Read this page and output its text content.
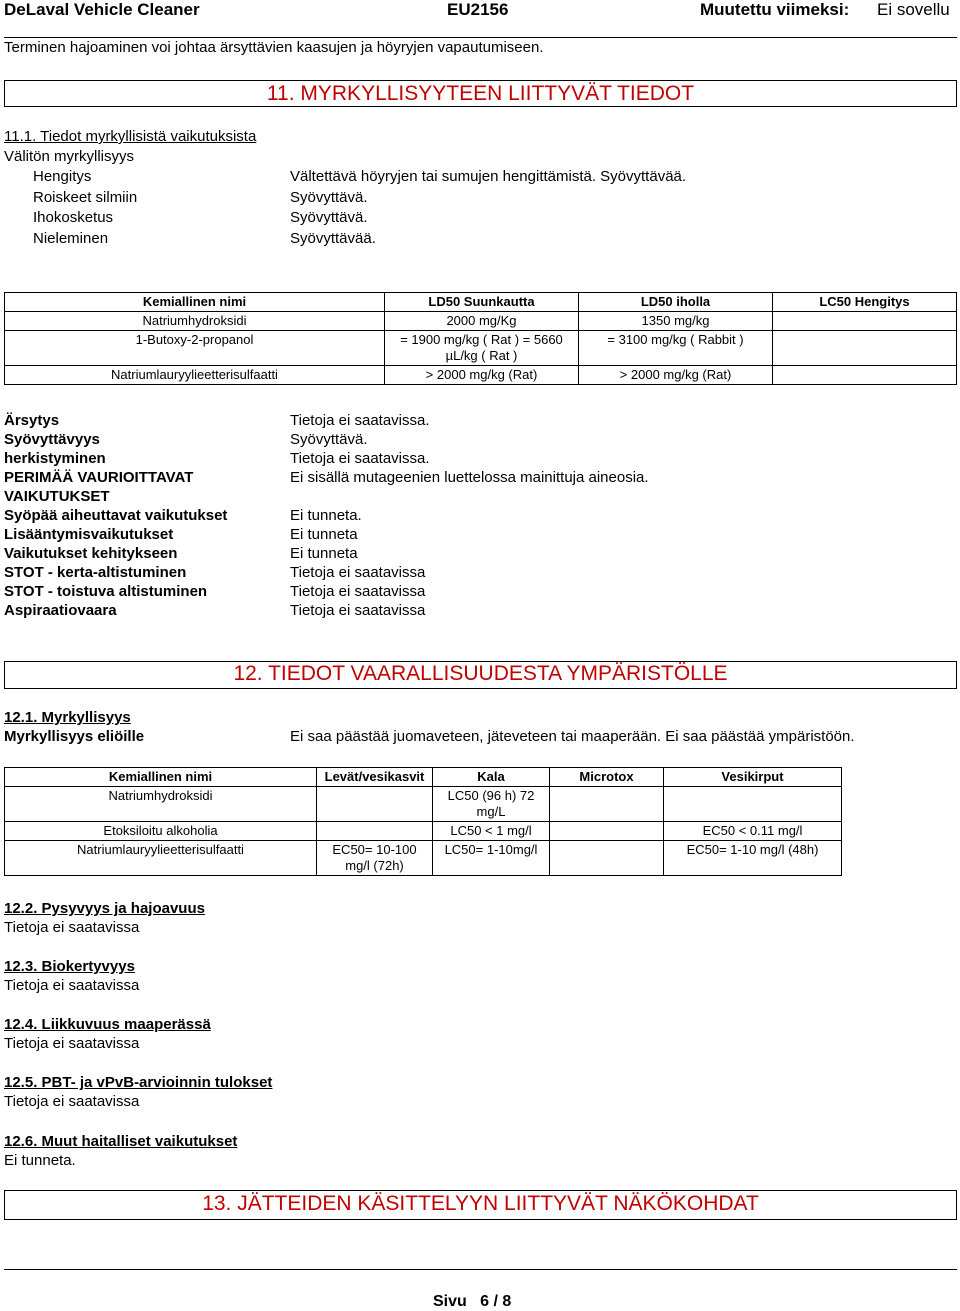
DeLaval Vehicle Cleaner	EU2156	Muutettu viimeksi: Ei sovellu
Terminen hajoaminen voi johtaa ärsyttävien kaasujen ja höyryjen vapautumiseen.
11. MYRKYLLISYYTEEN LIITTYVÄT TIEDOT
11.1. Tiedot myrkyllisistä vaikutuksista
Välitön myrkyllisyys
Hengitys	Vältettävä höyryjen tai sumujen hengittämistä. Syövyttävää.
Roiskeet silmiin	Syövyttävä.
Ihokosketus	Syövyttävä.
Nieleminen	Syövyttävää.
Kemiallinen nimi	LD50 Suunkautta	LD50 iholla	LC50 Hengitys
Natriumhydroksidi	2000 mg/Kg	1350 mg/kg	
1-Butoxy-2-propanol	= 1900 mg/kg ( Rat ) = 5660 µL/kg ( Rat )	= 3100 mg/kg ( Rabbit )	
Natriumlauryylieetterisulfaatti	> 2000 mg/kg (Rat)	> 2000 mg/kg (Rat)	
Ärsytys	Tietoja ei saatavissa.
Syövyttävyys	Syövyttävä.
herkistyminen	Tietoja ei saatavissa.
PERIMÄÄ VAURIOITTAVAT VAIKUTUKSET
Ei sisällä mutageenien luettelossa mainittuja aineosia.
Syöpää aiheuttavat vaikutukset	Ei tunneta.
Lisääntymisvaikutukset	Ei tunneta
Vaikutukset kehitykseen	Ei tunneta
STOT - kerta-altistuminen	Tietoja ei saatavissa
STOT - toistuva altistuminen	Tietoja ei saatavissa
Aspiraatiovaara	Tietoja ei saatavissa
12. TIEDOT VAARALLISUUDESTA YMPÄRISTÖLLE
12.1. Myrkyllisyys
Myrkyllisyys eliöille	Ei saa päästää juomaveteen, jäteveteen tai maaperään. Ei saa päästää ympäristöön.
Kemiallinen nimi	Levät/vesikasvit	Kala	Microtox	Vesikirput
Natriumhydroksidi		LC50 (96 h) 72 mg/L		
Etoksiloitu alkoholia		LC50 < 1 mg/l		EC50 < 0.11 mg/l
Natriumlauryylieetterisulfaatti	EC50= 10-100 mg/l (72h)	LC50= 1-10mg/l		EC50= 1-10 mg/l (48h)
12.2. Pysyvyys ja hajoavuus
Tietoja ei saatavissa
12.3. Biokertyvyys
Tietoja ei saatavissa
12.4. Liikkuvuus maaperässä
Tietoja ei saatavissa
12.5. PBT- ja vPvB-arvioinnin tulokset
Tietoja ei saatavissa
12.6. Muut haitalliset vaikutukset
Ei tunneta.
13. JÄTTEIDEN KÄSITTELYYN LIITTYVÄT NÄKÖKOHDAT
Sivu   6 / 8
